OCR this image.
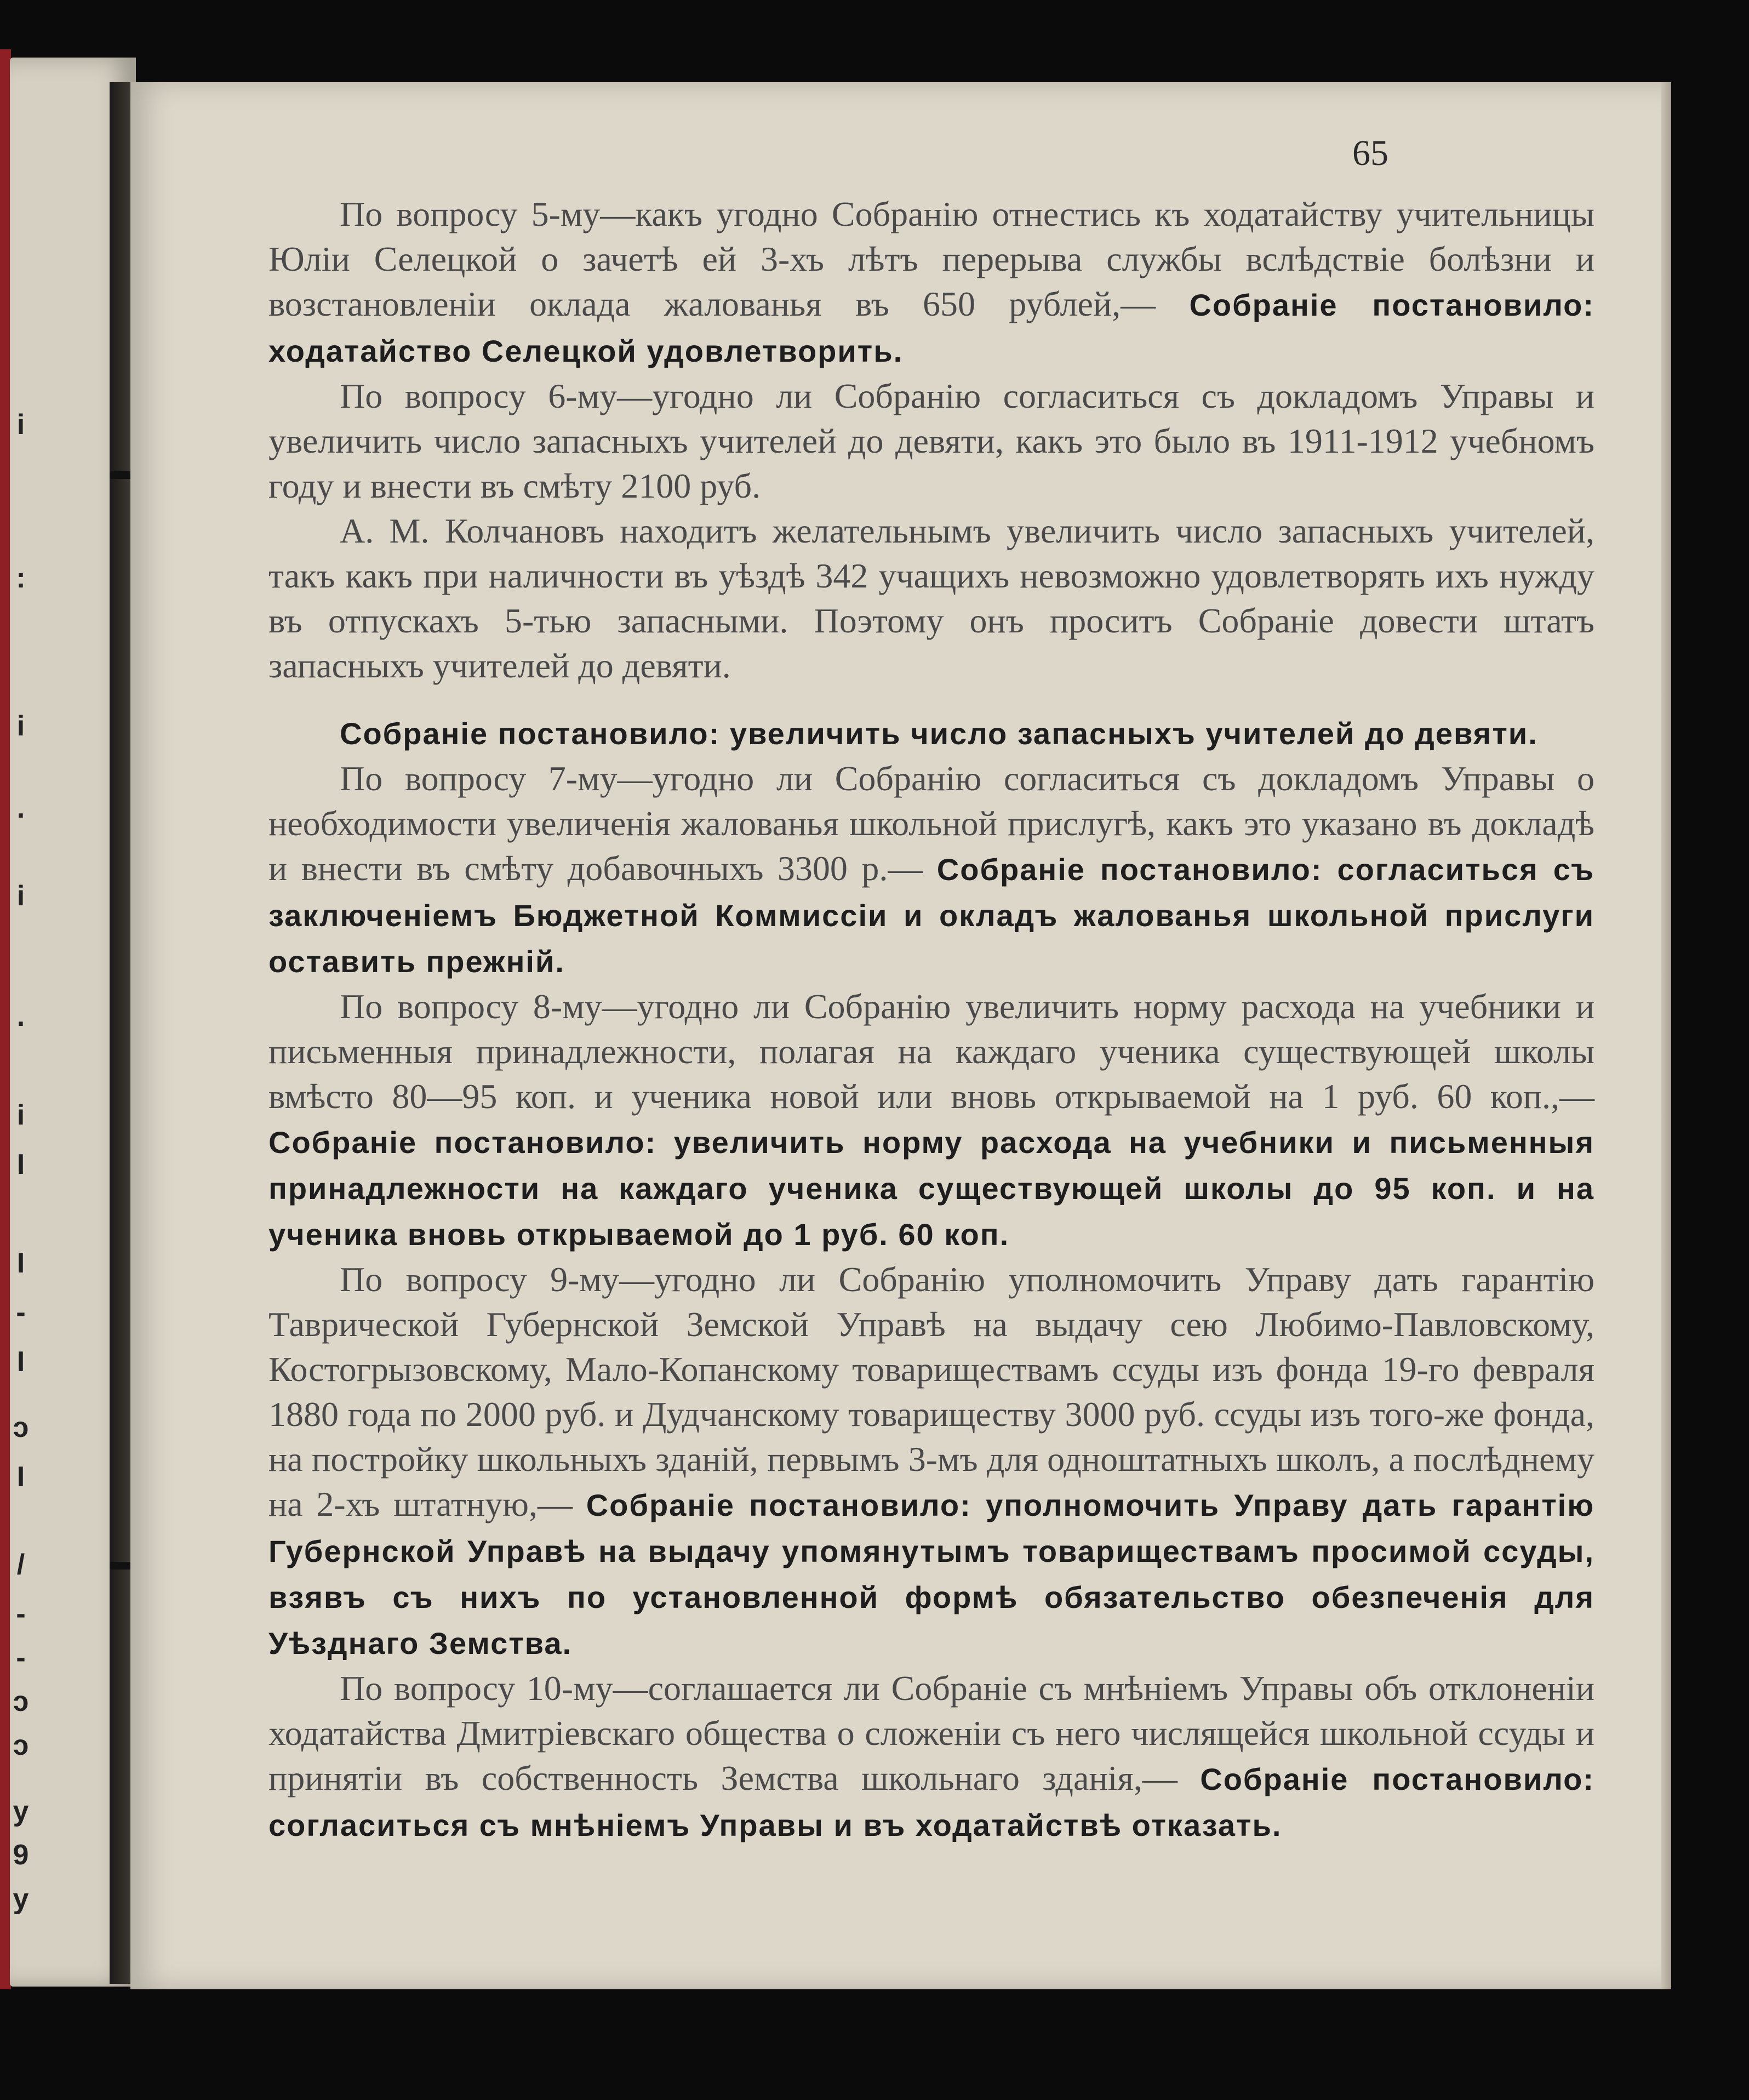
i
:
i
.
i
.
i
I
I
-
I
ɔ
I
/
-
-
ɔ
ɔ
y
9
y
65

По вопросу 5-му—какъ угодно Собранію отнестись къ ходатайству учительницы Юліи Селецкой о зачетѣ ей 3-хъ лѣтъ перерыва службы вслѣдствіе болѣзни и возстановленіи оклада жалованья въ 650 рублей,— Собраніе постановило: ходатайство Селецкой удовлетворить.

По вопросу 6-му—угодно ли Собранію согласиться съ докладомъ Управы и увеличить число запасныхъ учителей до девяти, какъ это было въ 1911-1912 учебномъ году и внести въ смѣту 2100 руб.

А. М. Колчановъ находитъ желательнымъ увеличить число запасныхъ учителей, такъ какъ при наличности въ уѣздѣ 342 учащихъ невозможно удовлетворять ихъ нужду въ отпускахъ 5-тью запасными. Поэтому онъ проситъ Собраніе довести штатъ запасныхъ учителей до девяти.

Собраніе постановило: увеличить число запасныхъ учителей до девяти.

По вопросу 7-му—угодно ли Собранію согласиться съ докладомъ Управы о необходимости увеличенія жалованья школьной прислугѣ, какъ это указано въ докладѣ и внести въ смѣту добавочныхъ 3300 р.— Собраніе постановило: согласиться съ заключеніемъ Бюджетной Коммиссіи и окладъ жалованья школьной прислуги оставить прежній.

По вопросу 8-му—угодно ли Собранію увеличить норму расхода на учебники и письменныя принадлежности, полагая на каждаго ученика существующей школы вмѣсто 80—95 коп. и ученика новой или вновь открываемой на 1 руб. 60 коп.,— Собраніе постановило: увеличить норму расхода на учебники и письменныя принадлежности на каждаго ученика существующей школы до 95 коп. и на ученика вновь открываемой до 1 руб. 60 коп.

По вопросу 9-му—угодно ли Собранію уполномочить Управу дать гарантію Таврической Губернской Земской Управѣ на выдачу сею Любимо-Павловскому, Костогрызовскому, Мало-Копанскому товариществамъ ссуды изъ фонда 19-го февраля 1880 года по 2000 руб. и Дудчанскому товариществу 3000 руб. ссуды изъ того-же фонда, на постройку школьныхъ зданій, первымъ 3-мъ для одноштатныхъ школъ, а послѣднему на 2-хъ штатную,— Собраніе постановило: уполномочить Управу дать гарантію Губернской Управѣ на выдачу упомянутымъ товариществамъ просимой ссуды, взявъ съ нихъ по установленной формѣ обязательство обезпеченія для Уѣзднаго Земства.

По вопросу 10-му—соглашается ли Собраніе съ мнѣніемъ Управы объ отклоненіи ходатайства Дмитріевскаго общества о сложеніи съ него числящейся школьной ссуды и принятіи въ собственность Земства школьнаго зданія,— Собраніе постановило: согласиться съ мнѣніемъ Управы и въ ходатайствѣ отказать.
